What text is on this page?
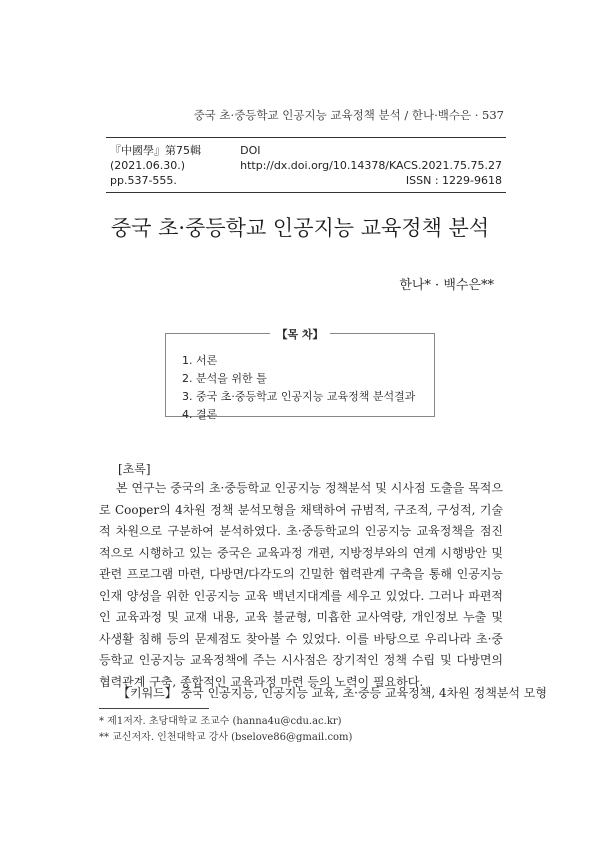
중국 초·중등학교 인공지능 교육정책 분석 / 한나·백수은 · 537
『中國學』第75輯 (2021.06.30.)
DOI http://dx.doi.org/10.14378/KACS.2021.75.75.27
pp.537-555.	ISSN : 1229-9618
중국 초·중등학교 인공지능 교육정책 분석
한나* · 백수은**
【목 차】
1. 서론
2. 분석을 위한 틀
3. 중국 초·중등학교 인공지능 교육정책 분석결과
4. 결론
[초록]

본 연구는 중국의 초·중등학교 인공지능 정책분석 및 시사점 도출을 목적으로 Cooper의 4차원 정책 분석모형을 채택하여 규범적, 구조적, 구성적, 기술적 차원으로 구분하여 분석하였다. 초·중등학교의 인공지능 교육정책을 점진적으로 시행하고 있는 중국은 교육과정 개편, 지방정부와의 연계 시행방안 및 관련 프로그램 마련, 다방면/다각도의 긴밀한 협력관계 구축을 통해 인공지능 인재 양성을 위한 인공지능 교육 백년지대계를 세우고 있었다. 그러나 파편적인 교육과정 및 교재 내용, 교육 불균형, 미흡한 교사역량, 개인정보 누출 및 사생활 침해 등의 문제점도 찾아볼 수 있었다. 이를 바탕으로 우리나라 초·중등학교 인공지능 교육정책에 주는 시사점은 장기적인 정책 수립 및 다방면의 협력관계 구축, 종합적인 교육과정 마련 등의 노력이 필요하다.

【키워드】 중국 인공지능, 인공지능 교육, 초·중등 교육정책, 4차원 정책분석 모형
* 제1저자. 초당대학교 조교수 (hanna4u@cdu.ac.kr)
** 교신저자. 인천대학교 강사 (bselove86@gmail.com)
